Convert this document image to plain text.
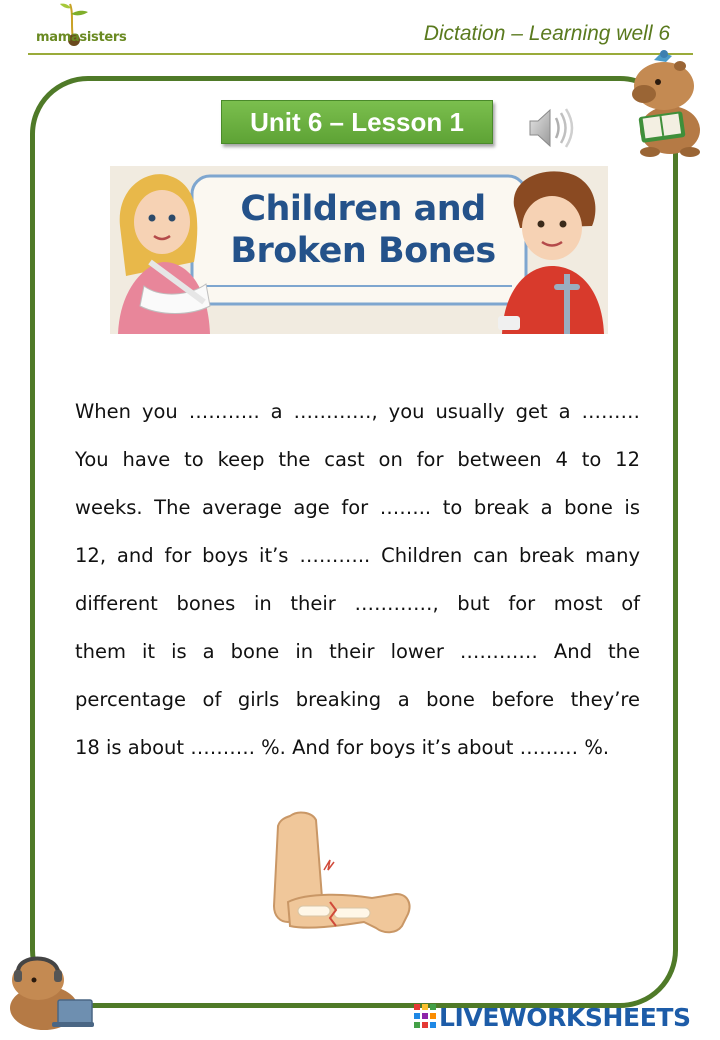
mamasisters	Dictation – Learning well 6
Unit 6 – Lesson 1
Children and Broken Bones
When you ……….. a …………, you usually get a ………
You have to keep the cast on for between 4 to 12
weeks. The average age for …….. to break a bone is
12, and for boys it’s ……….. Children can break many
different bones in their …………, but for most of
them it is a bone in their lower ………… And the
percentage of girls breaking a bone before they’re
18 is about ………. %. And for boys it’s about ……… %.
LIVEWORKSHEETS
